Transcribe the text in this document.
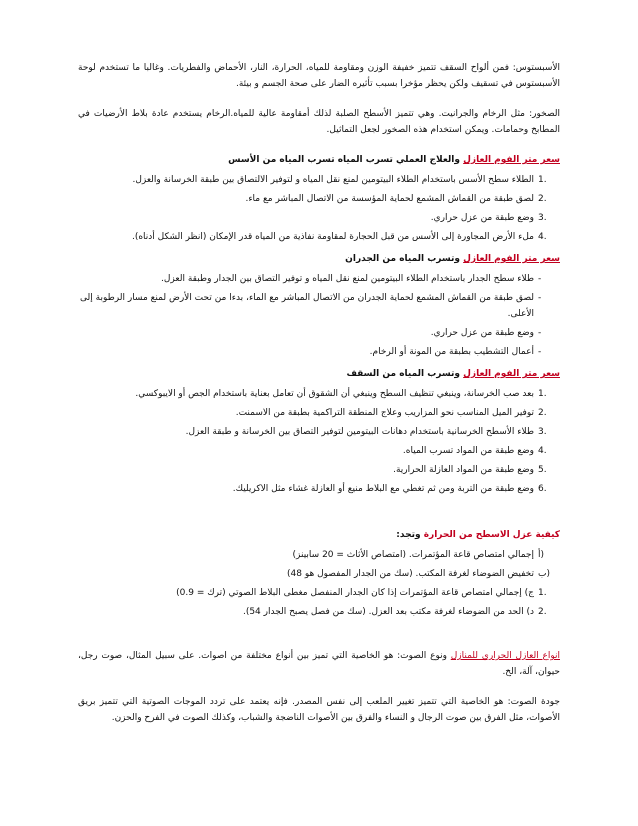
الأسبستوس: فمن ألواح السقف تتميز خفيفة الوزن ومقاومة للمياه، الحرارة، النار، الأحماض والفطريات. وغالبا ما تستخدم لوحة الأسبستوس في تسقيف ولكن يحظر مؤخرا بسبب تأثيره الضار على صحة الجسم و بيئة.

الصخور: مثل الرخام والجرانيت. وهي تتميز الأسطح الصلبة لذلك أمقاومة عالية للمياه.الرخام يستخدم عادة بلاط الأرضيات في المطابخ وحمامات. ويمكن استخدام هذه الصخور لجعل التماثيل.

سعر متر الفوم العازل والعلاج العملي تسرب المياه تسرب المياه من الأسس
1.
الطلاء سطح الأسس باستخدام الطلاء البيتومين لمنع نقل المياه و لتوفير الالتصاق بين طبقة الخرسانة والعزل.
2.
لصق طبقة من القماش المشمع لحماية المؤسسة من الاتصال المباشر مع ماء.
3.
وضع طبقة من عزل حراري.
4.
ملء الأرض المجاورة إلى الأسس من قبل الحجارة لمقاومة نفاذية من المياه قدر الإمكان (انظر الشكل أدناه).
سعر متر الفوم العازل وتسرب المياه من الجدران
-
طلاء سطح الجدار باستخدام الطلاء البيتومين لمنع نقل المياه و توفير التصاق بين الجدار وطبقة العزل.
-
لصق طبقة من القماش المشمع لحماية الجدران من الاتصال المباشر مع الماء، بدءا من تحت الأرض لمنع مسار الرطوبة إلى الأعلى.
-
وضع طبقة من عزل حراري.
-
أعمال التشطيب بطبقة من المونة أو الرخام.
سعر متر الفوم العازل وتسرب المياه من السقف
1.
بعد صب الخرسانة، وينبغي تنظيف السطح وينبغي أن الشقوق أن تعامل بعناية باستخدام الجص أو الايبوكسي.
2.
توفير الميل المناسب نحو المزاريب وعلاج المنطقة التراكمية بطبقة من الاسمنت.
3.
طلاء الأسطح الخرسانية باستخدام دهانات البيتومين لتوفير التصاق بين الخرسانة و طبقة العزل.
4.
وضع طبقة من المواد تسرب المياه.
5.
وضع طبقة من المواد العازلة الحرارية.
6.
وضع طبقة من التربة ومن ثم تغطي مع البلاط منيع أو العازلة غشاء مثل الاكريليك.
كيفية عزل الاسطح من الحرارة وتجد:
أ)
إجمالي امتصاص قاعة المؤتمرات. (امتصاص الأثاث = 20 سابينز)
ب)
تخفيض الضوضاء لغرفة المكتب. (سك من الجدار المفصول هو 48)
1.
ج) إجمالي امتصاص قاعة المؤتمرات إذا كان الجدار المنفصل مغطى البلاط الصوتي (ترك = 0.9)
2.
د) الحد من الضوضاء لغرفة مكتب بعد العزل. (سك من فصل يصبح الجدار 54).

انواع العازل الحراري للمنازل ونوع الصوت: هو الخاصية التي تميز بين أنواع مختلفة من اصوات. على سبيل المثال، صوت رجل، حيوان، آلة، الخ.

جودة الصوت: هو الخاصية التي تتميز تغيير الملعب إلى نفس المصدر. فإنه يعتمد على تردد الموجات الصوتية التي تتميز بريق الأصوات، مثل الفرق بين صوت الرجال و النساء والفرق بين الأصوات الناضجة والشباب، وكذلك الصوت في الفرح والحزن.
